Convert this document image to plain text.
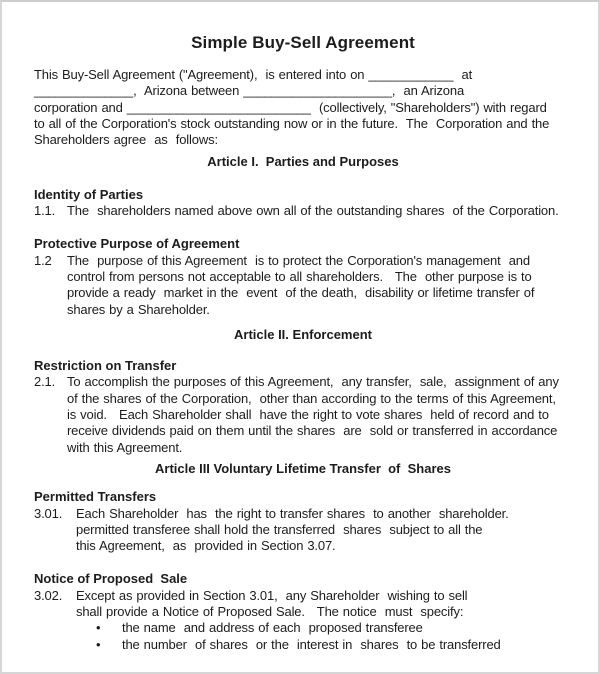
Simple Buy-Sell Agreement
This Buy-Sell Agreement ("Agreement),  is entered into on ____________  at
______________,  Arizona between _____________________,  an Arizona
corporation and __________________________  (collectively, "Shareholders") with regard
to all of the Corporation's stock outstanding now or in the future.  The  Corporation and the
Shareholders agree  as  follows:
Article I.  Parties and Purposes
Identity of Parties
1.1. The  shareholders named above own all of the outstanding shares  of the Corporation.
Protective Purpose of Agreement
1.2	The  purpose of this Agreement  is to protect the Corporation's management  and
control from persons not acceptable to all shareholders.   The  other purpose is to
provide a ready  market in the  event  of the death,  disability or lifetime transfer of
shares by a Shareholder.
Article II. Enforcement
Restriction on Transfer
2.1. To accomplish the purposes of this Agreement,  any transfer,  sale,  assignment of any
of the shares of the Corporation,  other than according to the terms of this Agreement,
is void.   Each Shareholder shall  have the right to vote shares  held of record and to
receive dividends paid on them until the shares  are  sold or transferred in accordance
with this Agreement.
Article III Voluntary Lifetime Transfer  of  Shares
Permitted Transfers
3.01.	Each Shareholder  has  the right to transfer shares  to another  shareholder.
permitted transferee shall hold the transferred  shares  subject to all the
this Agreement,  as  provided in Section 3.07.
Notice of Proposed  Sale
3.02.	Except as provided in Section 3.01,  any Shareholder  wishing to sell
shall provide a Notice of Proposed Sale.   The notice  must  specify:
•	the name  and address of each  proposed transferee
•	the number  of shares  or the  interest in  shares  to be transferred
